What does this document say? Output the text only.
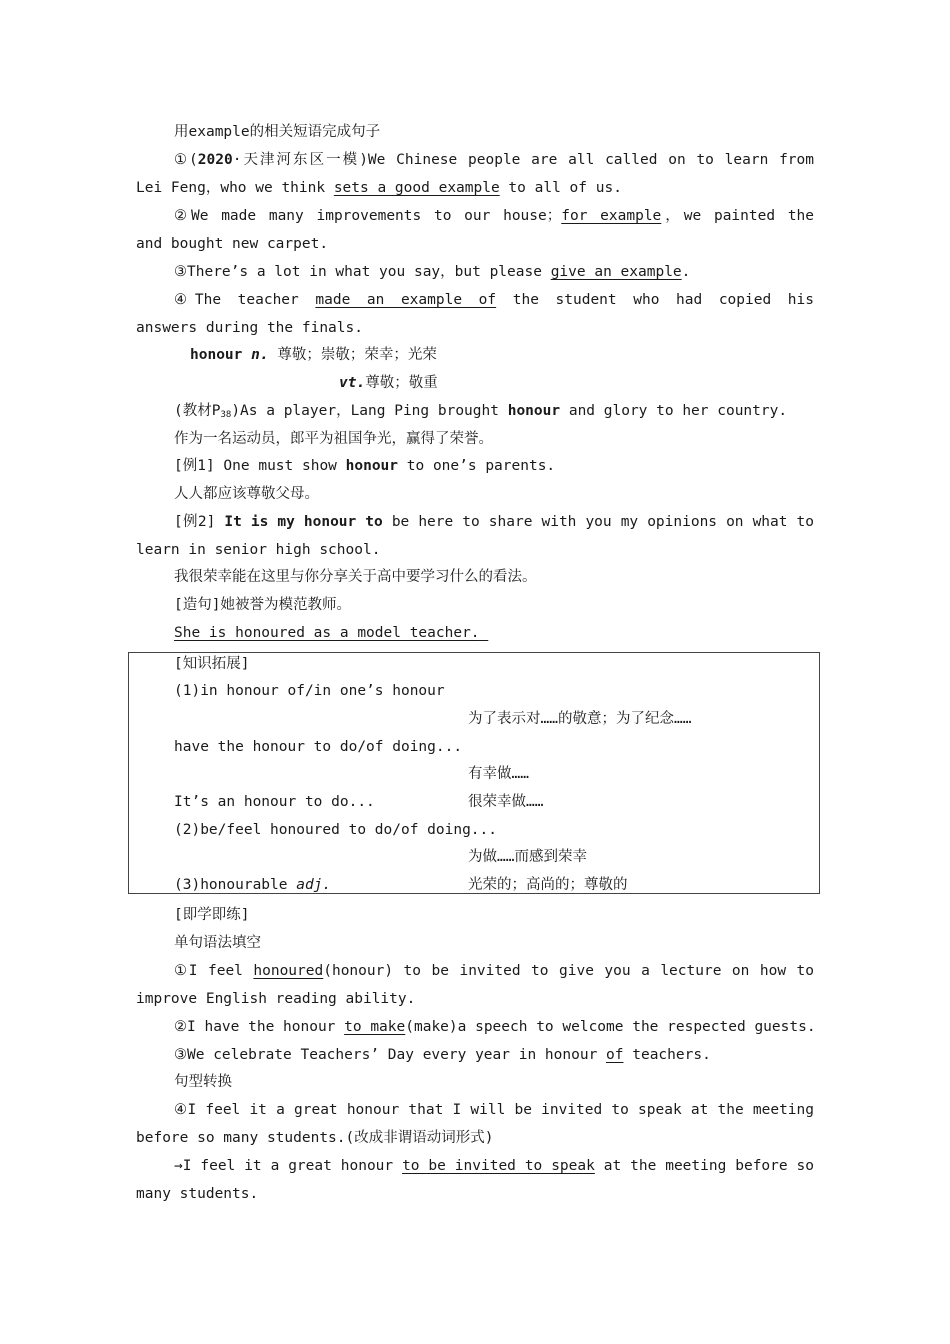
用example的相关短语完成句子
①(2020·天津河东区一模)We Chinese people are all called on to learn from
Lei Feng，who we think sets a good example to all of us.
②We made many improvements to our house；for example，we painted the
and bought new carpet.
③There’s a lot in what you say，but please give an example.
④The teacher made an example of the student who had copied his
answers during the finals.
honour n. 尊敬；崇敬；荣幸；光荣
vt.尊敬；敬重
(教材$P_{38})As$ a player，Lang Ping brought honour and glory to her country.
作为一名运动员，郎平为祖国争光，赢得了荣誉。
[例1] One must show honour to one’s parents.
人人都应该尊敬父母。
[例2] It is my honour to be here to share with you my opinions on what to
learn in senior high school.
我很荣幸能在这里与你分享关于高中要学习什么的看法。
[造句]她被誉为模范教师。
She is honoured as a model teacher.
[知识拓展]
(1)in honour of/in one’s honour
为了表示对……的敬意；为了纪念……
have the honour to do/of doing...
有幸做……
It’s an honour to do...	很荣幸做……
(2)be/feel honoured to do/of doing...
为做……而感到荣幸
(3)honourable adj.	光荣的；高尚的；尊敬的
[即学即练]
单句语法填空
①I feel honoured(honour) to be invited to give you a lecture on how to
improve English reading ability.
②I have the honour to make(make)a speech to welcome the respected guests.
③We celebrate Teachers’ Day every year in honour of teachers.
句型转换
④I feel it a great honour that I will be invited to speak at the meeting
before so many students.(改成非谓语动词形式)
→I feel it a great honour to be invited to speak at the meeting before so
many students.
